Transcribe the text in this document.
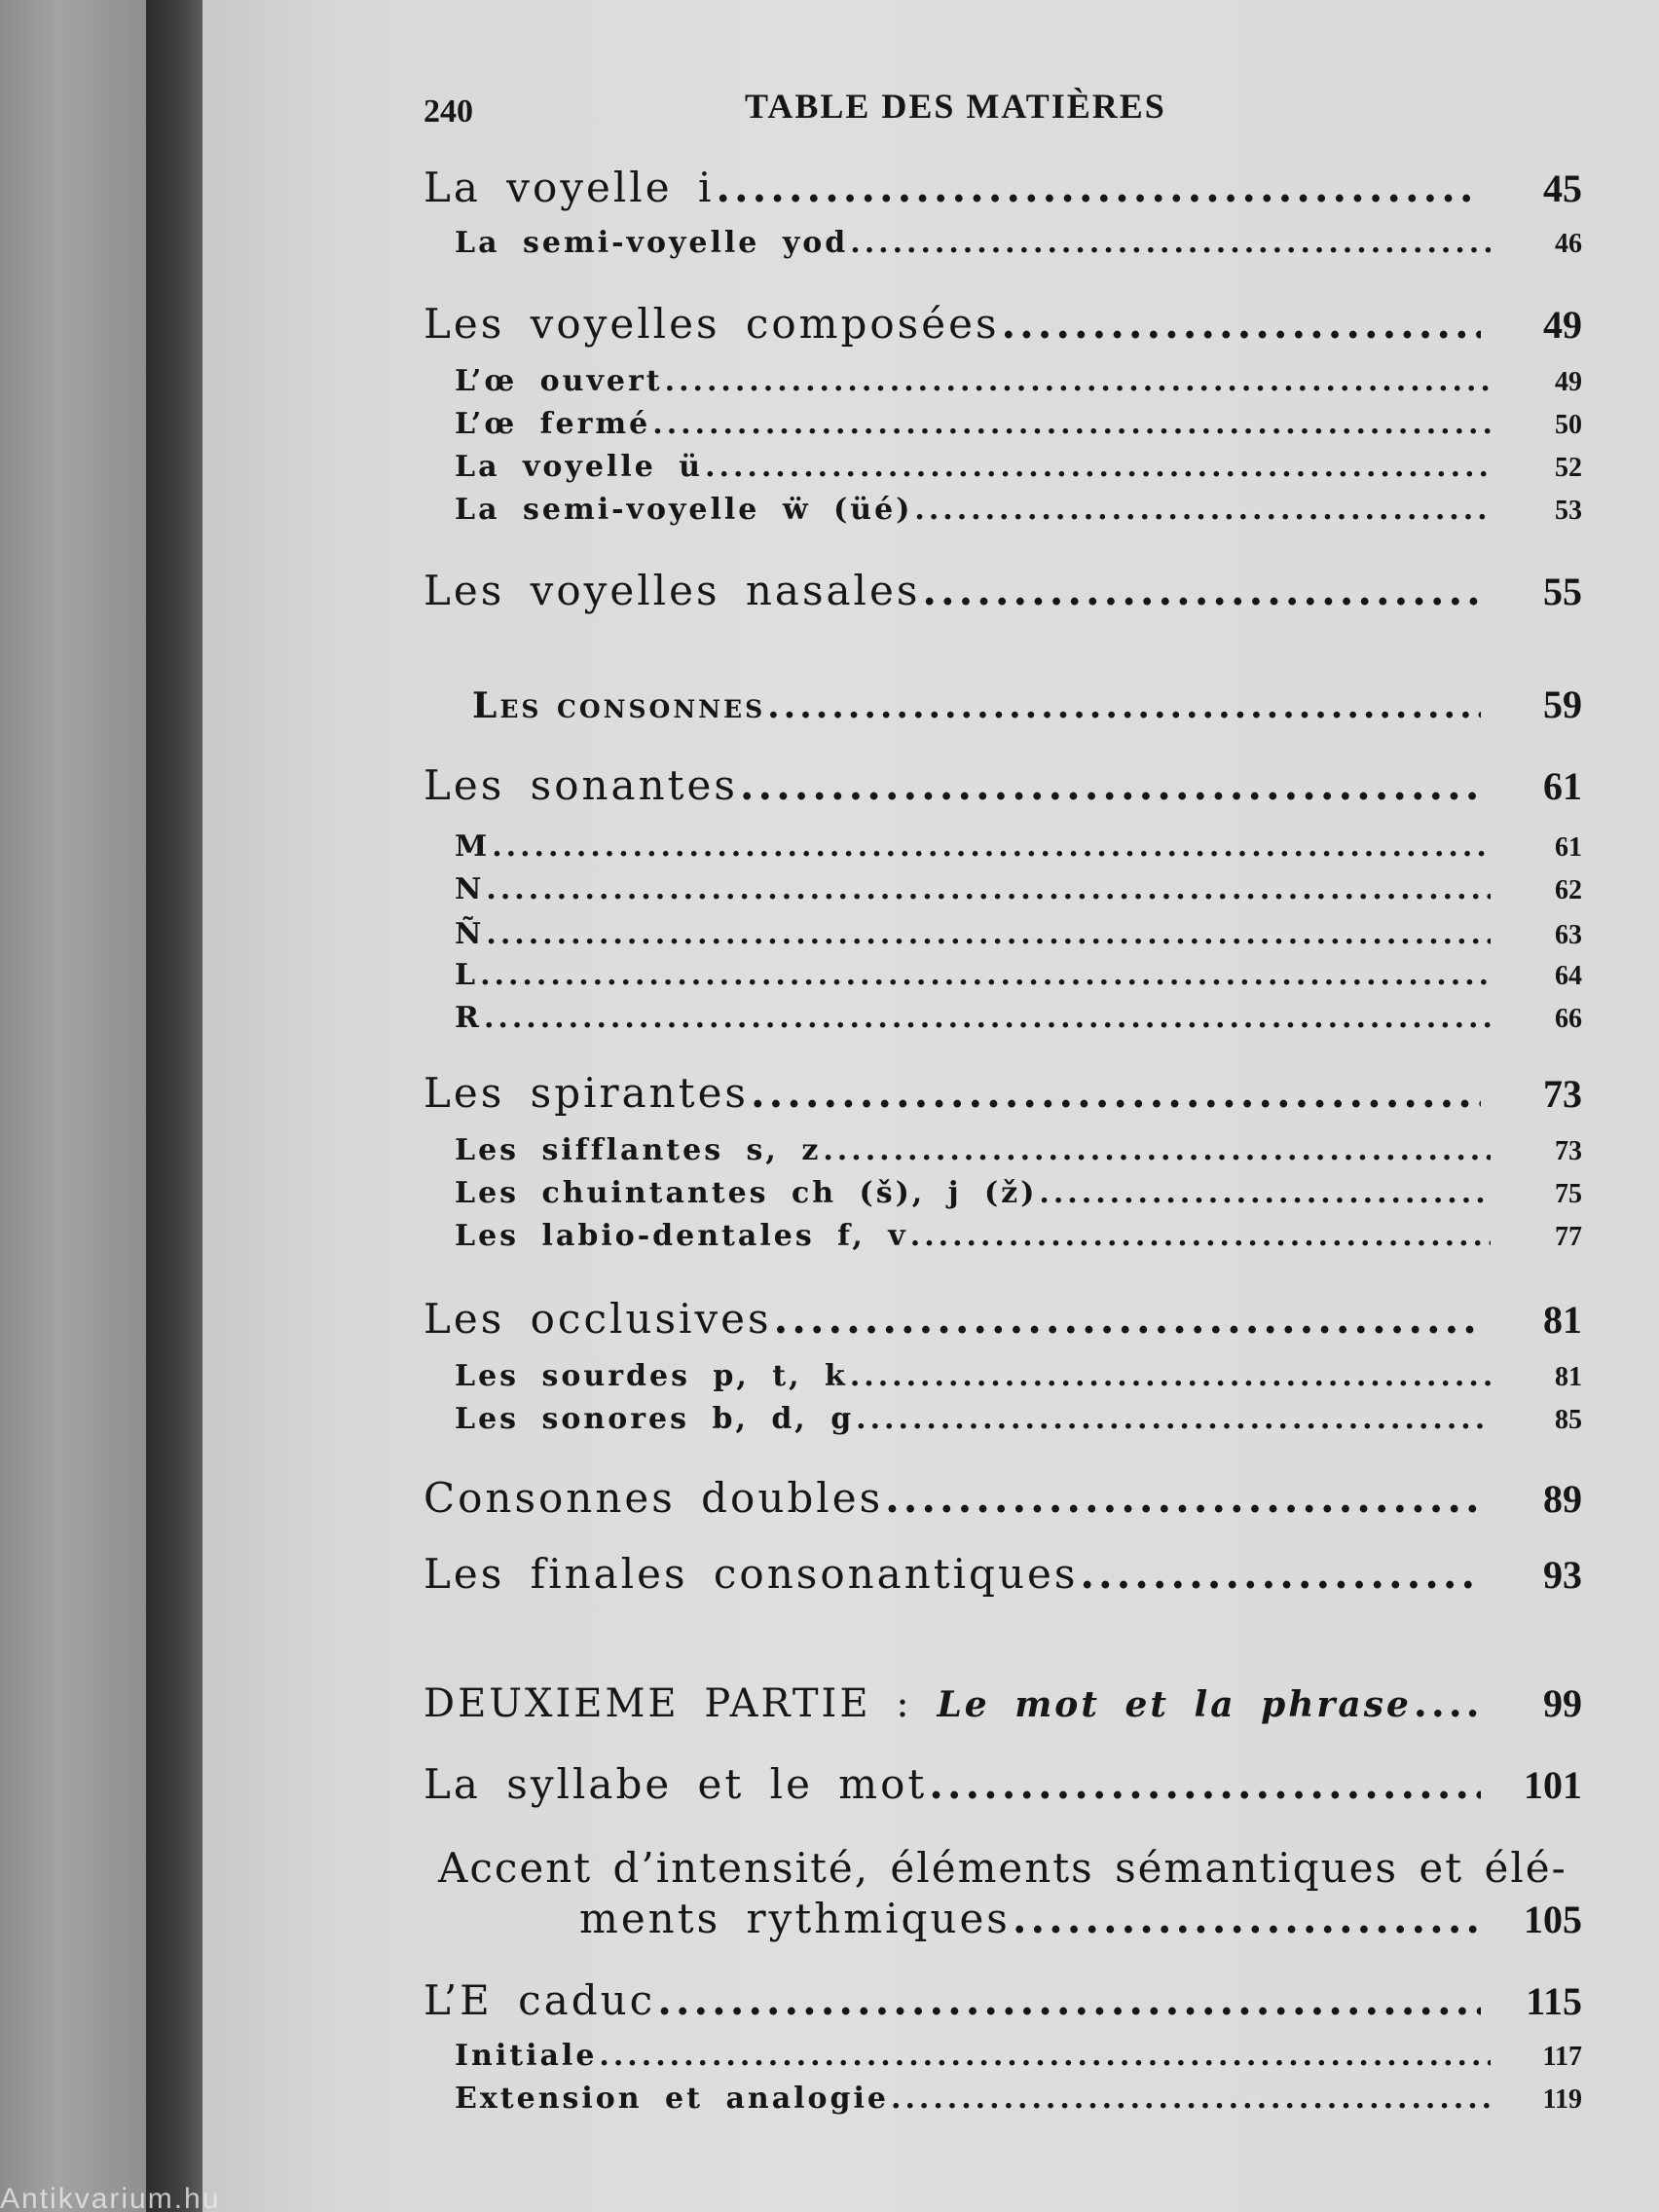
240	TABLE DES MATIÈRES
La voyelle i .....	45
La semi-voyelle yod .....	46
Les voyelles composées .....	49
L’œ ouvert .....	49
L’œ fermé .....	50
La voyelle ü .....	52
La semi-voyelle ẅ (üé) .....	53
Les voyelles nasales .....	55
Les consonnes .....	59
Les sonantes .....	61
M .....	61
N .....	62
Ñ .....	63
L .....	64
R .....	66
Les spirantes .....	73
Les sifflantes s, z .....	73
Les chuintantes ch (š), j (ž) .....	75
Les labio-dentales f, v .....	77
Les occlusives .....	81
Les sourdes p, t, k .....	81
Les sonores b, d, g .....	85
Consonnes doubles .....	89
Les finales consonantiques .....	93
DEUXIEME PARTIE : Le mot et la phrase .....	99
La syllabe et le mot .....	101
Accent d’intensité, éléments sémantiques et élé-
ments rythmiques .....	105
L’E caduc .....	115
Initiale .....	117
Extension et analogie .....	119
Antikvarium.hu
